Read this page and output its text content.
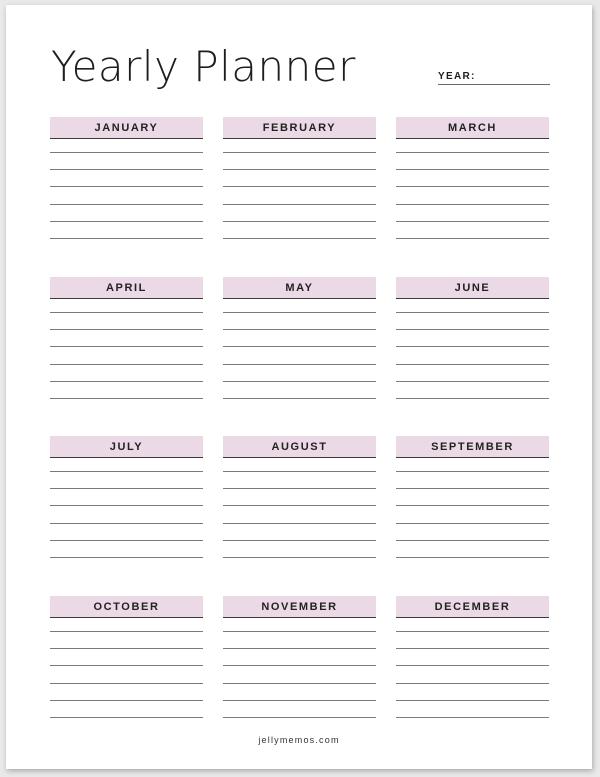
Yearly Planner	YEAR:
JANUARY	FEBRUARY	MARCH
APRIL	MAY	JUNE
JULY	AUGUST	SEPTEMBER
OCTOBER	NOVEMBER	DECEMBER
jellymemos.com
